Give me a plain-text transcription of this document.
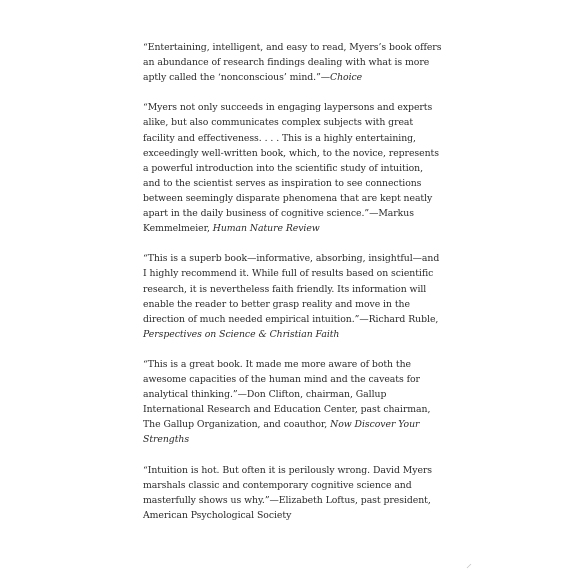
“Entertaining, intelligent, and easy to read, Myers’s book offers an abundance of research findings dealing with what is more aptly called the ‘nonconscious’ mind.”—Choice

“Myers not only succeeds in engaging laypersons and experts alike, but also communicates complex subjects with great facility and effectiveness. . . . This is a highly entertaining, exceedingly well-written book, which, to the novice, represents a powerful introduction into the scientific study of intuition, and to the scientist serves as inspiration to see connections between seemingly disparate phenomena that are kept neatly apart in the daily business of cognitive science.”—Markus Kemmelmeier, Human Nature Review

“This is a superb book—informative, absorbing, insightful—and I highly recommend it. While full of results based on scientific research, it is nevertheless faith friendly. Its information will enable the reader to better grasp reality and move in the direction of much needed empirical intuition.”—Richard Ruble, Perspectives on Science & Christian Faith

“This is a great book. It made me more aware of both the awesome capacities of the human mind and the caveats for analytical thinking.”—Don Clifton, chairman, Gallup International Research and Education Center, past chairman, The Gallup Organization, and coauthor, Now Discover Your Strengths

“Intuition is hot. But often it is perilously wrong. David Myers marshals classic and contemporary cognitive science and masterfully shows us why.”—Elizabeth Loftus, past president, American Psychological Society
